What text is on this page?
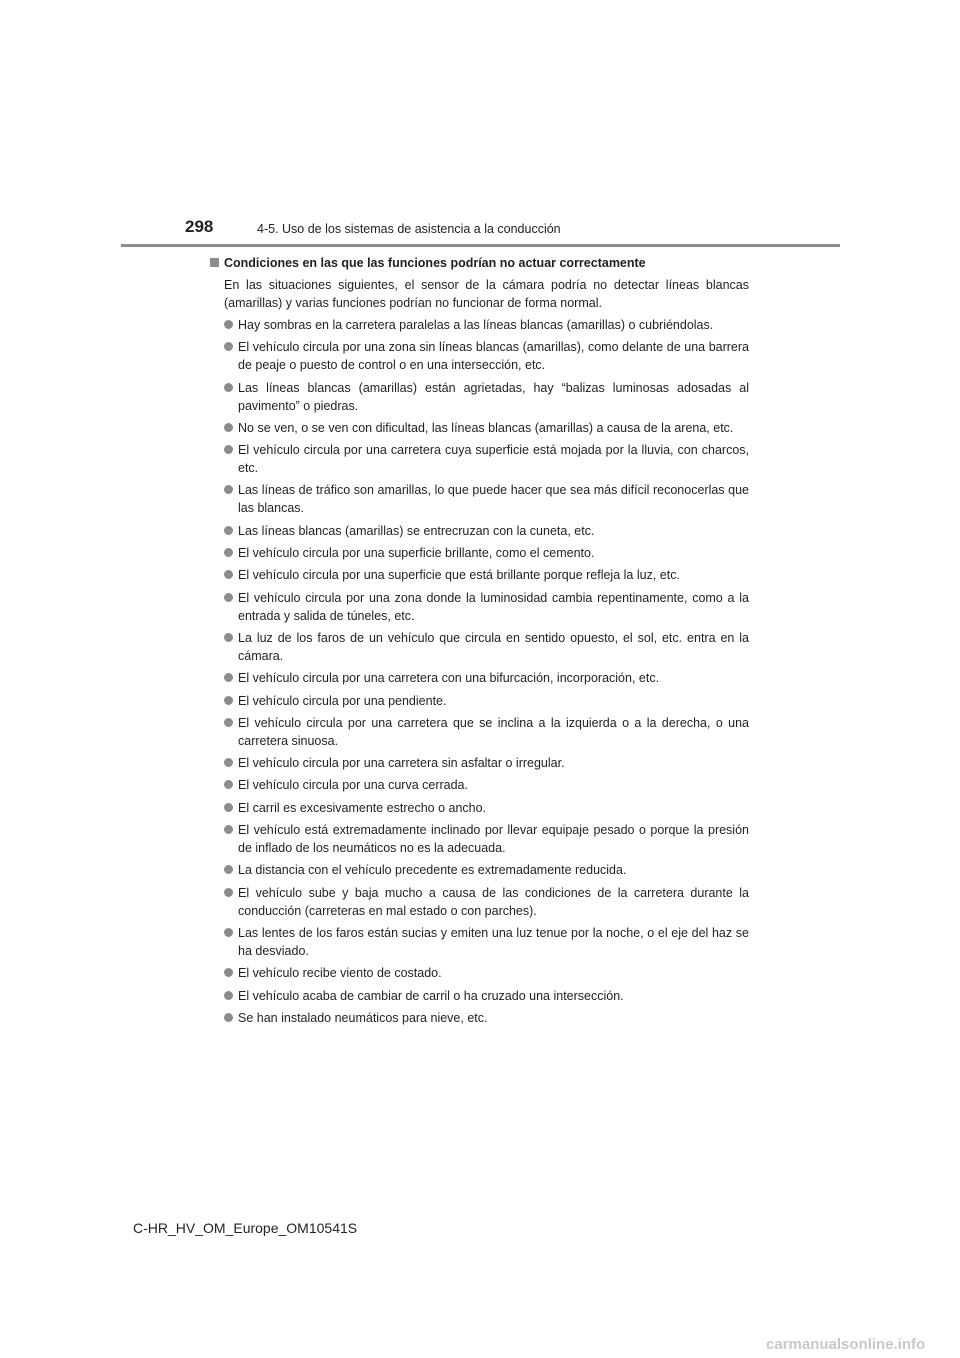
298	4-5. Uso de los sistemas de asistencia a la conducción
Condiciones en las que las funciones podrían no actuar correctamente
En las situaciones siguientes, el sensor de la cámara podría no detectar líneas blancas (amarillas) y varias funciones podrían no funcionar de forma normal.
Hay sombras en la carretera paralelas a las líneas blancas (amarillas) o cubriéndolas.
El vehículo circula por una zona sin líneas blancas (amarillas), como delante de una barrera de peaje o puesto de control o en una intersección, etc.
Las líneas blancas (amarillas) están agrietadas, hay “balizas luminosas adosadas al pavimento” o piedras.
No se ven, o se ven con dificultad, las líneas blancas (amarillas) a causa de la arena, etc.
El vehículo circula por una carretera cuya superficie está mojada por la lluvia, con charcos, etc.
Las líneas de tráfico son amarillas, lo que puede hacer que sea más difícil reconocerlas que las blancas.
Las líneas blancas (amarillas) se entrecruzan con la cuneta, etc.
El vehículo circula por una superficie brillante, como el cemento.
El vehículo circula por una superficie que está brillante porque refleja la luz, etc.
El vehículo circula por una zona donde la luminosidad cambia repentinamente, como a la entrada y salida de túneles, etc.
La luz de los faros de un vehículo que circula en sentido opuesto, el sol, etc. entra en la cámara.
El vehículo circula por una carretera con una bifurcación, incorporación, etc.
El vehículo circula por una pendiente.
El vehículo circula por una carretera que se inclina a la izquierda o a la derecha, o una carretera sinuosa.
El vehículo circula por una carretera sin asfaltar o irregular.
El vehículo circula por una curva cerrada.
El carril es excesivamente estrecho o ancho.
El vehículo está extremadamente inclinado por llevar equipaje pesado o porque la presión de inflado de los neumáticos no es la adecuada.
La distancia con el vehículo precedente es extremadamente reducida.
El vehículo sube y baja mucho a causa de las condiciones de la carretera durante la conducción (carreteras en mal estado o con parches).
Las lentes de los faros están sucias y emiten una luz tenue por la noche, o el eje del haz se ha desviado.
El vehículo recibe viento de costado.
El vehículo acaba de cambiar de carril o ha cruzado una intersección.
Se han instalado neumáticos para nieve, etc.
C-HR_HV_OM_Europe_OM10541S
carmanualsonline.info
